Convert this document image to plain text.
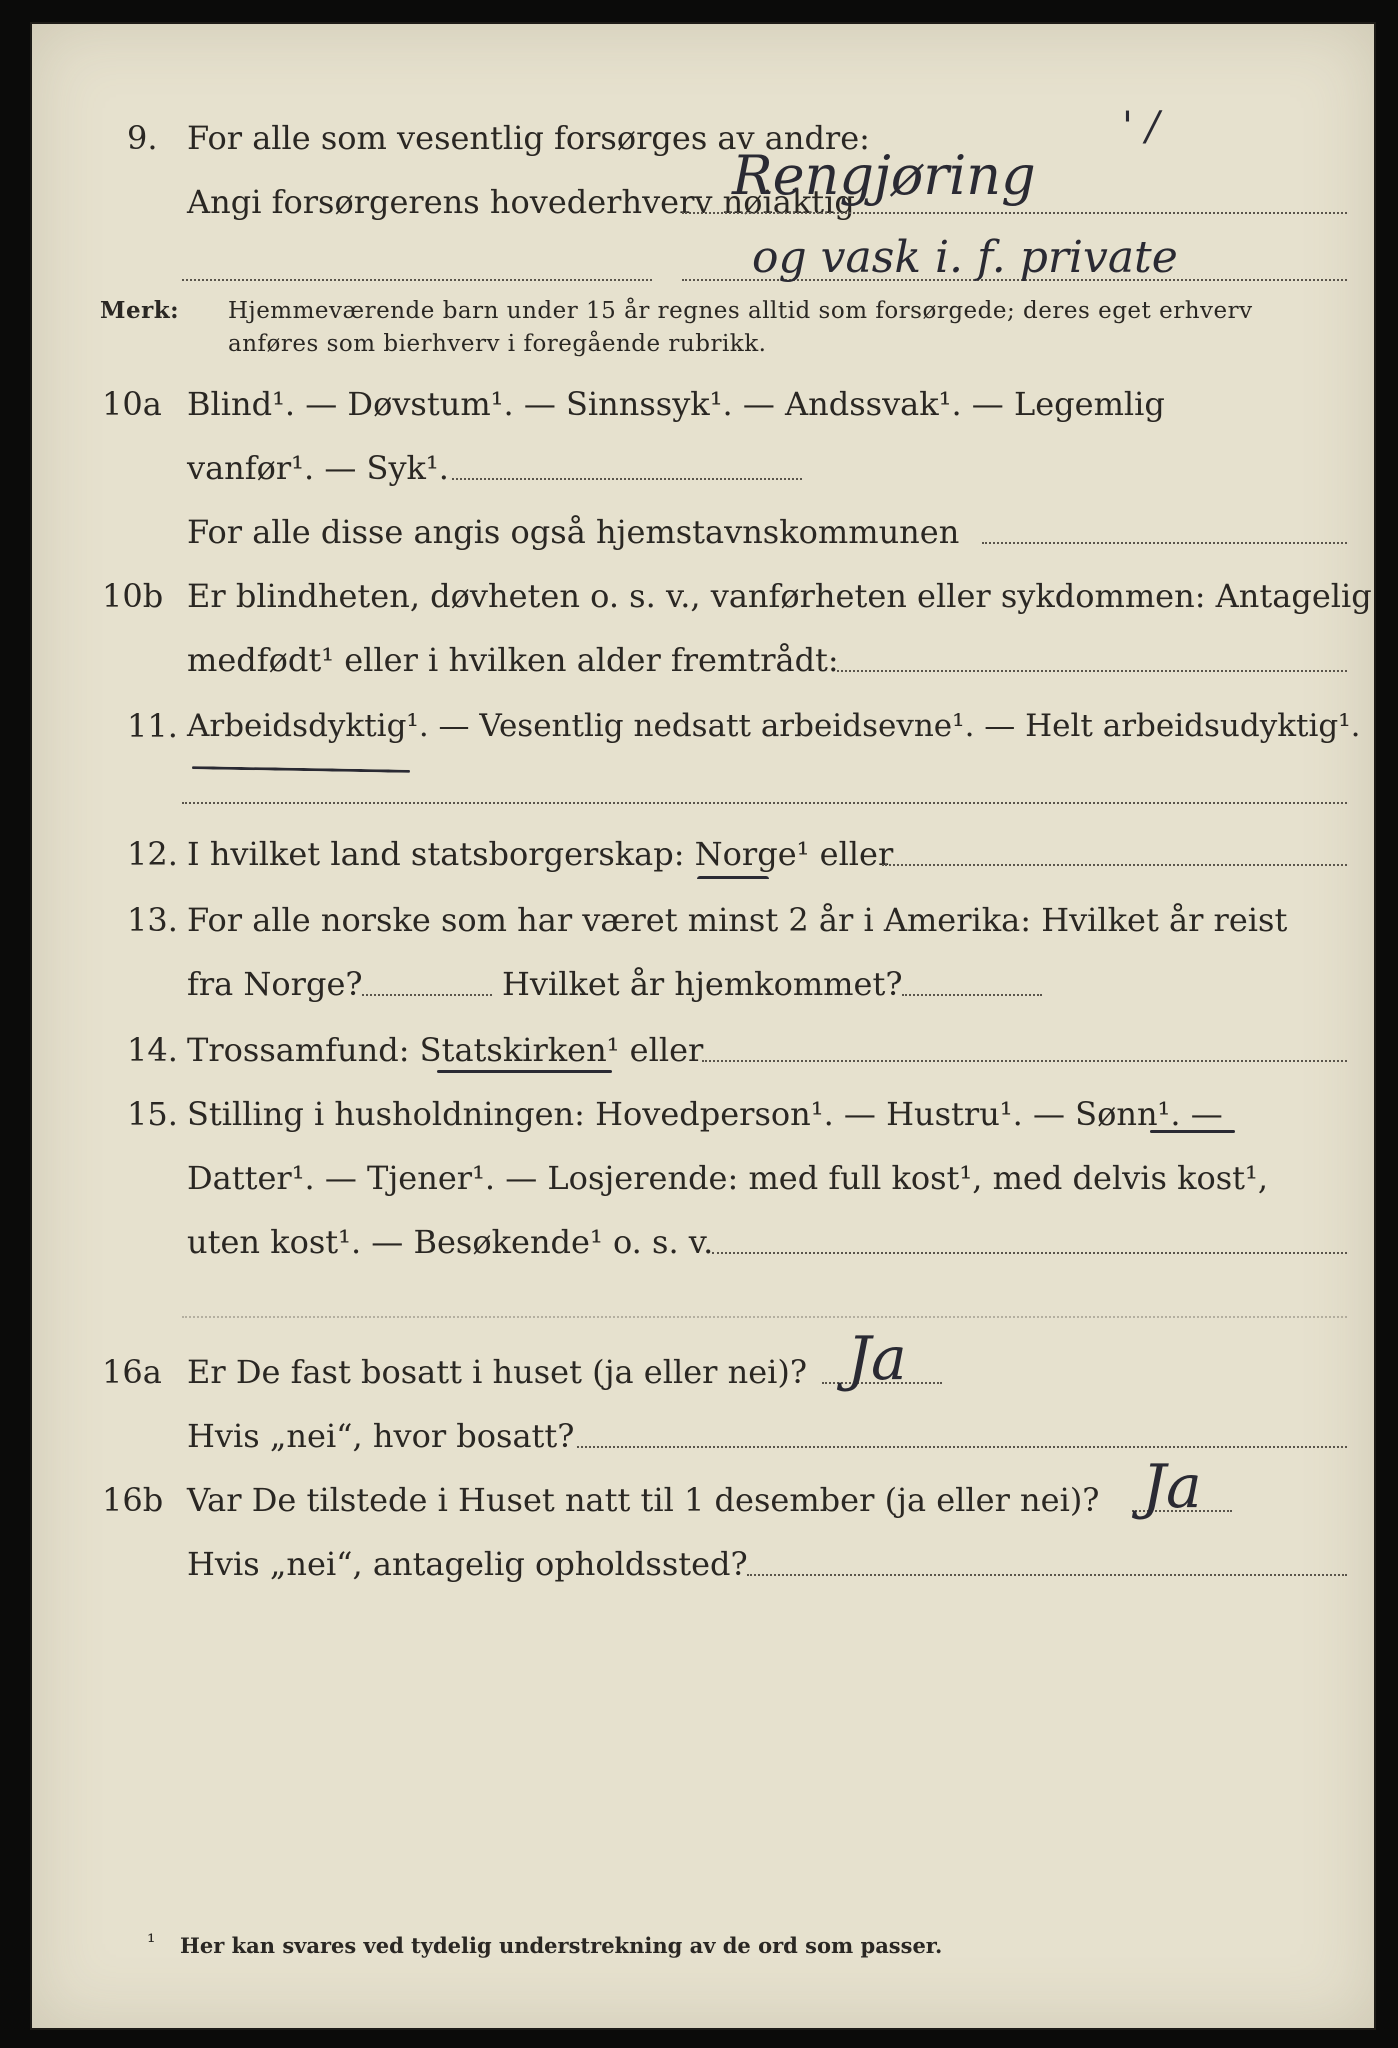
9. For alle som vesentlig forsørges av andre:
Angi forsørgerens hovederhverv nøiaktig
Rengjøring
' /
og vask i. f. private
Merk: Hjemmeværende barn under 15 år regnes alltid som forsørgede; deres eget erhverv
anføres som bierhverv i foregående rubrikk.
10a Blind¹. — Døvstum¹. — Sinnssyk¹. — Andssvak¹. — Legemlig
vanfør¹. — Syk¹.
For alle disse angis også hjemstavnskommunen
10b Er blindheten, døvheten o. s. v., vanførheten eller sykdommen: Antagelig
medfødt¹ eller i hvilken alder fremtrådt:
11. Arbeidsdyktig¹. — Vesentlig nedsatt arbeidsevne¹. — Helt arbeidsudyktig¹.
12. I hvilket land statsborgerskap: Norge¹ eller
13. For alle norske som har været minst 2 år i Amerika: Hvilket år reist
fra Norge?	Hvilket år hjemkommet?
14. Trossamfund: Statskirken¹ eller
15. Stilling i husholdningen: Hovedperson¹. — Hustru¹. — Sønn¹. —
Datter¹. — Tjener¹. — Losjerende: med full kost¹, med delvis kost¹,
uten kost¹. — Besøkende¹ o. s. v.
16a Er De fast bosatt i huset (ja eller nei)? Ja
Hvis „nei“, hvor bosatt?
16b Var De tilstede i Huset natt til 1 desember (ja eller nei)? Ja
Hvis „nei“, antagelig opholdssted?
¹ Her kan svares ved tydelig understrekning av de ord som passer.
